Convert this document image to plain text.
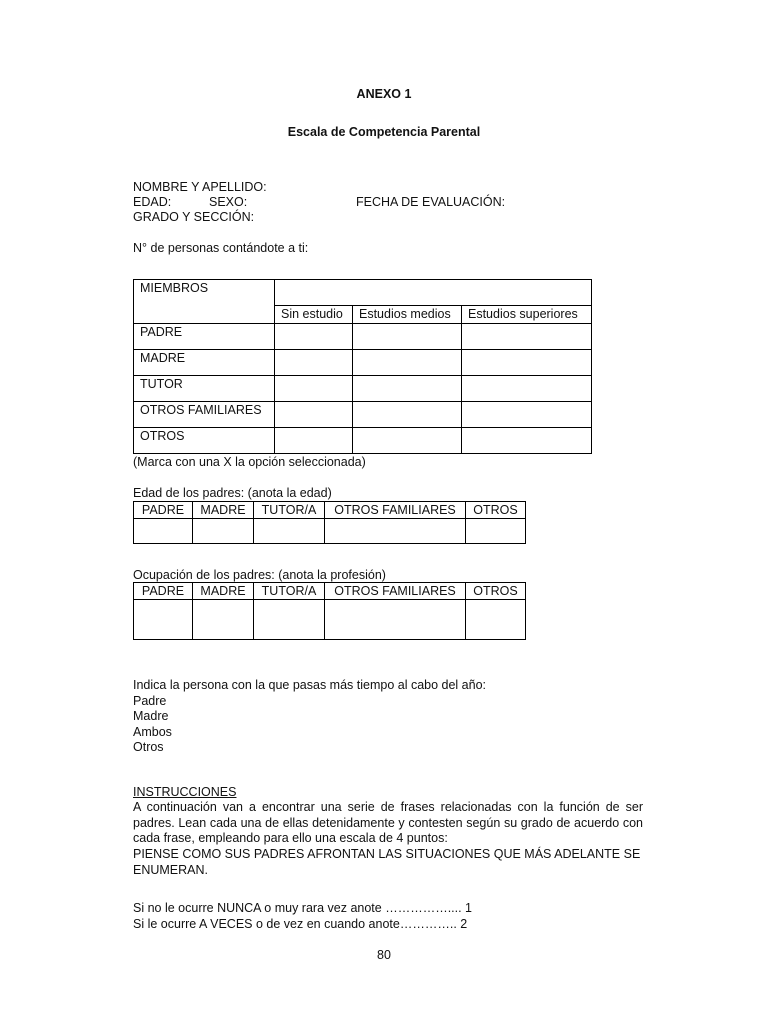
ANEXO 1
Escala de Competencia Parental
NOMBRE Y APELLIDO:
EDAD:	SEXO:	FECHA DE EVALUACIÓN:
GRADO Y SECCIÓN:
N° de personas contándote a ti:
MIEMBROS			
	Sin estudio	Estudios medios	Estudios superiores
PADRE			
MADRE			
TUTOR			
OTROS FAMILIARES			
OTROS			
(Marca con una X la opción seleccionada)
Edad de los padres: (anota la edad)
PADRE	MADRE	TUTOR/A	OTROS FAMILIARES	OTROS

Ocupación de los padres: (anota la profesión)
PADRE	MADRE	TUTOR/A	OTROS FAMILIARES	OTROS

Indica la persona con la que pasas más tiempo al cabo del año:
Padre
Madre
Ambos
Otros
INSTRUCCIONES
A continuación van a encontrar una serie de frases relacionadas con la función de ser padres. Lean cada una de ellas detenidamente y contesten según su grado de acuerdo con cada frase, empleando para ello una escala de 4 puntos:
PIENSE COMO SUS PADRES AFRONTAN LAS SITUACIONES QUE MÁS ADELANTE SE ENUMERAN.
Si no le ocurre NUNCA o muy rara vez anote …………….... 1
Si le ocurre A VECES o de vez en cuando anote………….. 2
80
